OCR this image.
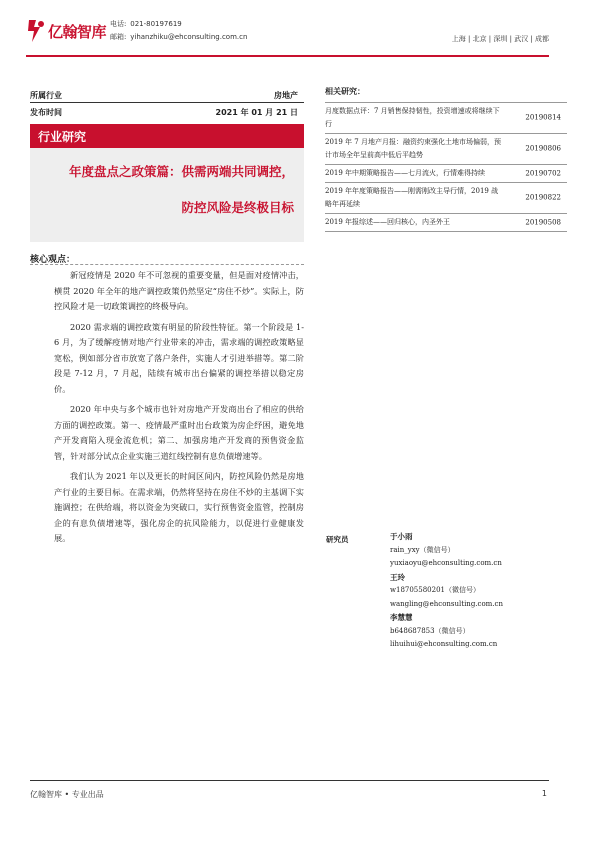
亿翰智库 电话: 021-80197619
邮箱: yihanzhiku@ehconsulting.com.cn	上海 | 北京 | 深圳 | 武汉 | 成都
所属行业	房地产
发布时间	2021 年 01 月 21 日
行业研究
年度盘点之政策篇：供需两端共同调控，
防控风险是终极目标
核心观点：

新冠疫情是 2020 年不可忽视的重要变量，但是面对疫情冲击，横贯 2020 年全年的地产调控政策仍然坚定“房住不炒”。实际上，防控风险才是一切政策调控的终极导向。

2020 需求端的调控政策有明显的阶段性特征。第一个阶段是 1-6 月，为了缓解疫情对地产行业带来的冲击，需求端的调控政策略显宽松，例如部分省市放宽了落户条件，实施人才引进举措等。第二阶段是 7-12 月，7 月起，陆续有城市出台偏紧的调控举措以稳定房价。

2020 年中央与多个城市也针对房地产开发商出台了相应的供给方面的调控政策。第一、疫情最严重时出台政策为房企纾困，避免地产开发商陷入现金流危机；第二、加强房地产开发商的预售资金监管，针对部分试点企业实施三道红线控制有息负债增速等。

我们认为 2021 年以及更长的时间区间内，防控风险仍然是房地产行业的主要目标。在需求端，仍然将坚持在房住不炒的主基调下实施调控；在供给端，将以资金为突破口，实行预售资金监管，控制房企的有息负债增速等，强化房企的抗风险能力，以促进行业健康发展。

相关研究：
月度数据点评：7 月销售保持韧性，投资增速或将继续下行
20190814
2019 年 7 月地产月报：融资约束强化土地市场偏弱，预计市场全年呈前高中低后平趋势
20190806
2019 年中期策略报告——七月流火，行情难得持续	20190702
2019 年年度策略报告——刚需刚改主导行情，2019 战略年再延续
20190822
2019 年报综述——回归核心，内圣外王	20190508
研究员	于小雨
rain_yxy（微信号）
yuxiaoyu@ehconsulting.com.cn
王玲
w18705580201（微信号）
wangling@ehconsulting.com.cn
李慧慧
b648687853（微信号）
lihuihui@ehconsulting.com.cn
亿翰智库 • 专业出品	1
